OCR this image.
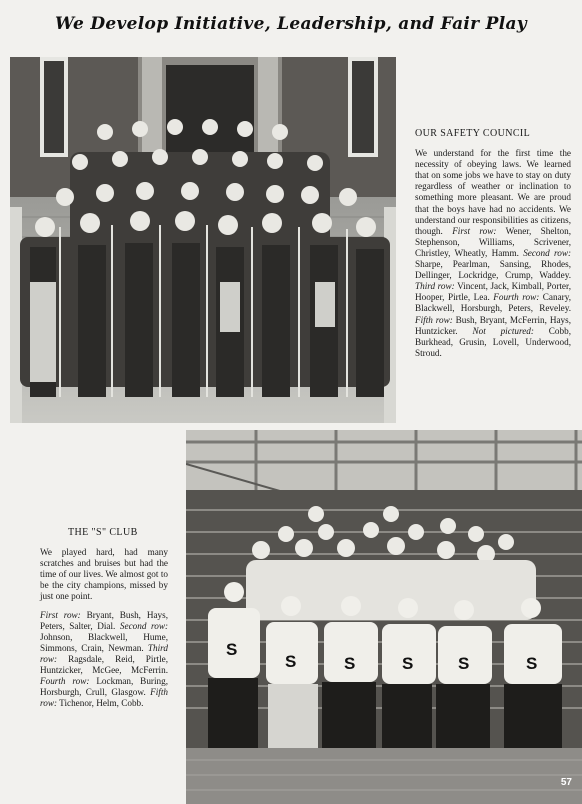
We Develop Initiative, Leadership, and Fair Play
OUR SAFETY COUNCIL

We understand for the first time the necessity of obeying laws. We learned that on some jobs we have to stay on duty regardless of weather or inclination to something more pleasant. We are proud that the boys have had no accidents. We understand our responsibilities as citizens, though. First row: Wener, Shelton, Stephenson, Williams, Scrivener, Christley, Wheatly, Hamm. Second row: Sharpe, Pearlman, Sansing, Rhodes, Dellinger, Lockridge, Crump, Waddey. Third row: Vincent, Jack, Kimball, Porter, Hooper, Pirtle, Lea. Fourth row: Canary, Blackwell, Horsburgh, Peters, Reveley. Fifth row: Bush, Bryant, McFerrin, Hays, Huntzicker. Not pictured: Cobb, Burkhead, Grusin, Lovell, Underwood, Stroud.

S
S	S	S	S	S
THE "S" CLUB

We played hard, had many scratches and bruises but had the time of our lives. We almost got to be the city champions, missed by just one point.

First row: Bryant, Bush, Hays, Peters, Salter, Dial. Second row: Johnson, Blackwell, Hume, Simmons, Crain, Newman. Third row: Ragsdale, Reid, Pirtle, Huntzicker, McGee, McFerrin. Fourth row: Lockman, Buring, Horsburgh, Crull, Glasgow. Fifth row: Tichenor, Helm, Cobb.

57
